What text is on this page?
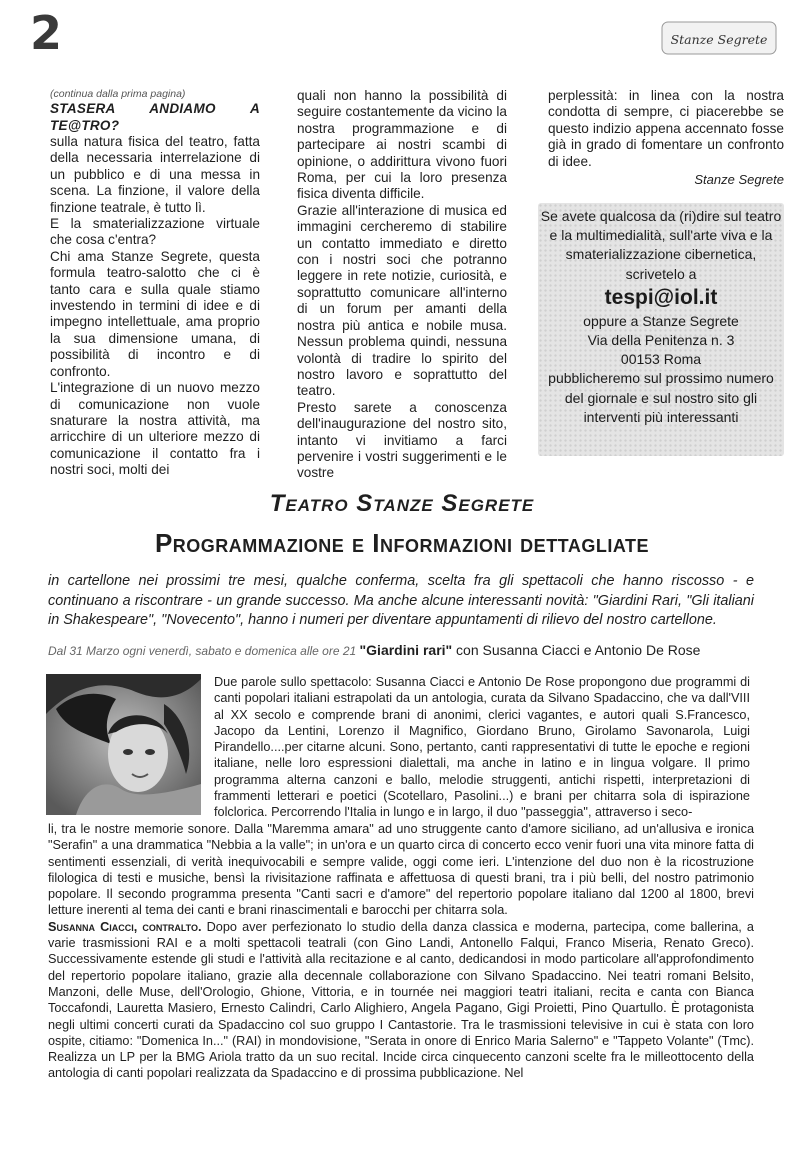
2	Stanze Segrete
(continua dalla prima pagina)
STASERA ANDIAMO A TE@TRO?

sulla natura fisica del teatro, fatta della necessaria interrelazione di un pubblico e di una messa in scena. La finzione, il valore della finzione teatrale, è tutto lì.

E la smaterializzazione virtuale che cosa c'entra?

Chi ama Stanze Segrete, questa formula teatro-salotto che ci è tanto cara e sulla quale stiamo investendo in termini di idee e di impegno intellettuale, ama proprio la sua dimensione umana, di possibilità di incontro e di confronto.

L'integrazione di un nuovo mezzo di comunicazione non vuole snaturare la nostra attività, ma arricchire di un ulteriore mezzo di comunicazione il contatto fra i nostri soci, molti dei

quali non hanno la possibilità di seguire costantemente da vicino la nostra programmazione e di partecipare ai nostri scambi di opinione, o addirittura vivono fuori Roma, per cui la loro presenza fisica diventa difficile.

Grazie all'interazione di musica ed immagini cercheremo di stabilire un contatto immediato e diretto con i nostri soci che potranno leggere in rete notizie, curiosità, e soprattutto comunicare all'interno di un forum per amanti della nostra più antica e nobile musa. Nessun problema quindi, nessuna volontà di tradire lo spirito del nostro lavoro e soprattutto del teatro.

Presto sarete a conoscenza dell'inaugurazione del nostro sito, intanto vi invitiamo a farci pervenire i vostri suggerimenti e le vostre

perplessità: in linea con la nostra condotta di sempre, ci piacerebbe se questo indizio appena accennato fosse già in grado di fomentare un confronto di idee.

Stanze Segrete
Se avete qualcosa da (ri)dire sul teatro e la multimedialità, sull'arte viva e la smaterializzazione cibernetica, scrivetelo a
tespi@iol.it
oppure a Stanze Segrete
Via della Penitenza n. 3
00153 Roma
pubblicheremo sul prossimo numero del giornale e sul nostro sito gli interventi più interessanti
Teatro Stanze Segrete
Programmazione e Informazioni dettagliate
in cartellone nei prossimi tre mesi, qualche conferma, scelta fra gli spettacoli che hanno riscosso - e continuano a riscontrare - un grande successo. Ma anche alcune interessanti novità: "Giardini Rari, "Gli italiani in Shakespeare", "Novecento", hanno i numeri per diventare appuntamenti di rilievo del nostro cartellone.
Dal 31 Marzo ogni venerdì, sabato e domenica alle ore 21 "Giardini rari" con Susanna Ciacci e Antonio De Rose
Due parole sullo spettacolo: Susanna Ciacci e Antonio De Rose propongono due programmi di canti popolari italiani estrapolati da un antologia, curata da Silvano Spadaccino, che va dall'VIII al XX secolo e comprende brani di anonimi, clerici vagantes, e autori quali S.Francesco, Jacopo da Lentini, Lorenzo il Magnifico, Giordano Bruno, Girolamo Savonarola, Luigi Pirandello....per citarne alcuni. Sono, pertanto, canti rappresentativi di tutte le epoche e regioni italiane, nelle loro espressioni dialettali, ma anche in latino e in lingua volgare. Il primo programma alterna canzoni e ballo, melodie struggenti, antichi rispetti, interpretazioni di frammenti letterari e poetici (Scotellaro, Pasolini...) e brani per chitarra sola di ispirazione folclorica. Percorrendo l'Italia in lungo e in largo, il duo "passeggia", attraverso i seco-

li, tra le nostre memorie sonore. Dalla "Maremma amara" ad uno struggente canto d'amore siciliano, ad un'allusiva e ironica "Serafin" a una drammatica "Nebbia a la valle"; in un'ora e un quarto circa di concerto ecco venir fuori una vita minore fatta di sentimenti essenziali, di verità inequivocabili e sempre valide, oggi come ieri. L'intenzione del duo non è la ricostruzione filologica di testi e musiche, bensì la rivisitazione raffinata e affettuosa di questi brani, tra i più belli, del nostro patrimonio popolare. Il secondo programma presenta "Canti sacri e d'amore" del repertorio popolare italiano dal 1200 al 1800, brevi letture inerenti al tema dei canti e brani rinascimentali e barocchi per chitarra sola.

Susanna Ciacci, contralto. Dopo aver perfezionato lo studio della danza classica e moderna, partecipa, come ballerina, a varie trasmissioni RAI e a molti spettacoli teatrali (con Gino Landi, Antonello Falqui, Franco Miseria, Renato Greco). Successivamente estende gli studi e l'attività alla recitazione e al canto, dedicandosi in modo particolare all'approfondimento del repertorio popolare italiano, grazie alla decennale collaborazione con Silvano Spadaccino. Nei teatri romani Belsito, Manzoni, delle Muse, dell'Orologio, Ghione, Vittoria, e in tournée nei maggiori teatri italiani, recita e canta con Bianca Toccafondi, Lauretta Masiero, Ernesto Calindri, Carlo Alighiero, Angela Pagano, Gigi Proietti, Pino Quartullo. È protagonista negli ultimi concerti curati da Spadaccino col suo gruppo I Cantastorie. Tra le trasmissioni televisive in cui è stata con loro ospite, citiamo: "Domenica In..." (RAI) in mondovisione, "Serata in onore di Enrico Maria Salerno" e "Tappeto Volante" (Tmc). Realizza un LP per la BMG Ariola tratto da un suo recital. Incide circa cinquecento canzoni scelte fra le milleottocento della antologia di canti popolari realizzata da Spadaccino e di prossima pubblicazione. Nel
